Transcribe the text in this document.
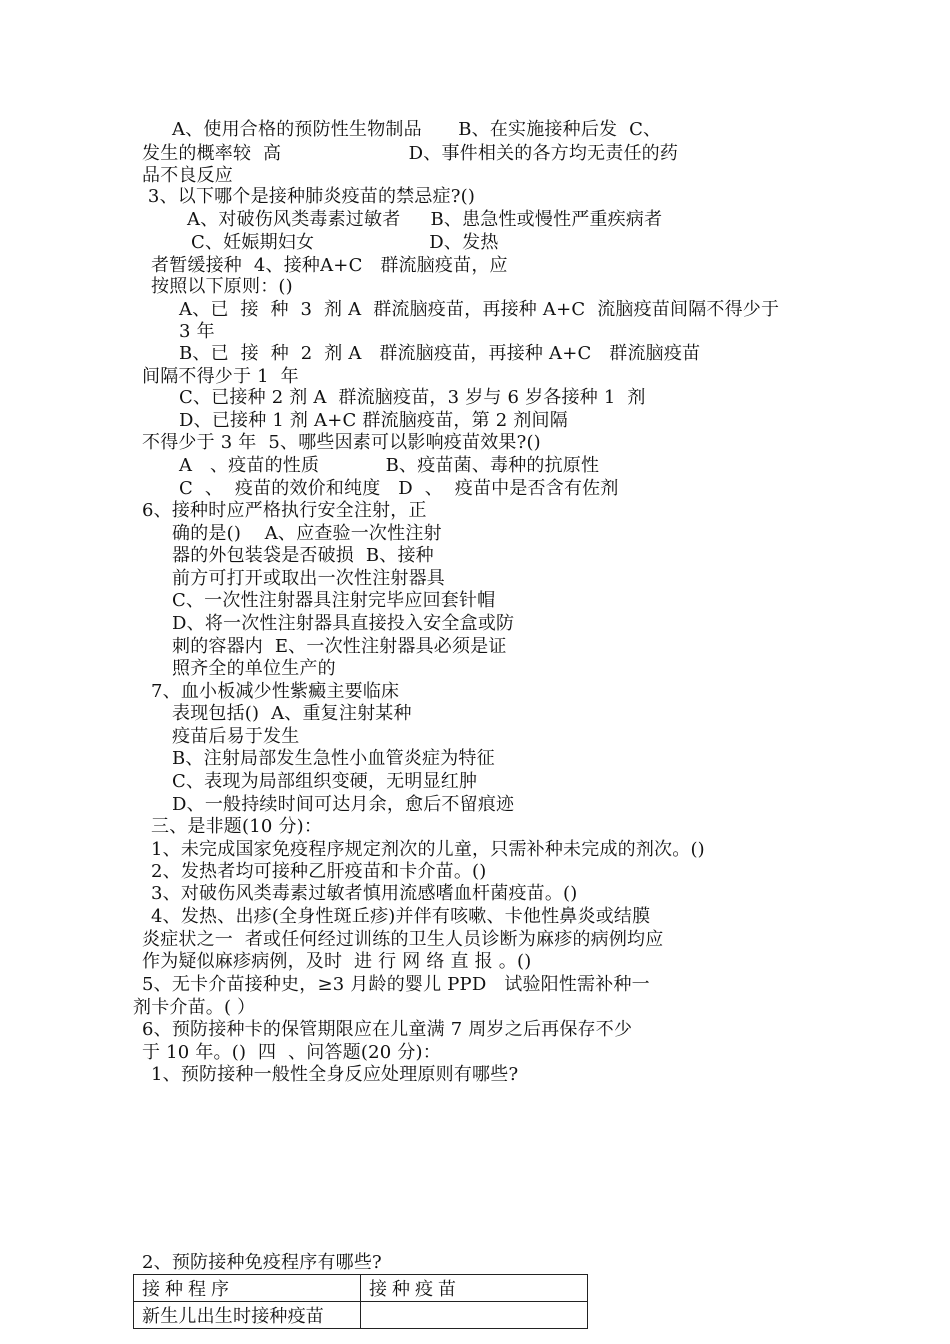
A、使用合格的预防性生物制品　　B、在实施接种后发  C、
发生的概率较  高　　　　　　　D、事件相关的各方均无责任的药
品不良反应
3、以下哪个是接种肺炎疫苗的禁忌症?()
A、对破伤风类毒素过敏者　  B、患急性或慢性严重疾病者
C、妊娠期妇女　　　　　　 D、发热
者暂缓接种  4、接种A+C   群流脑疫苗，应
按照以下原则：()
A、已  接  种  3  剂 A  群流脑疫苗，再接种 A+C  流脑疫苗间隔不得少于
3 年
B、已  接  种  2  剂 A   群流脑疫苗，再接种 A+C   群流脑疫苗
间隔不得少于 1  年
C、已接种 2 剂 A  群流脑疫苗，3 岁与 6 岁各接种 1  剂
D、已接种 1 剂 A+C 群流脑疫苗，第 2 剂间隔
不得少于 3 年  5、哪些因素可以影响疫苗效果?()
A   、疫苗的性质　　　  B、疫苗菌、毒种的抗原性
C  、  疫苗的效价和纯度   D  、  疫苗中是否含有佐剂
6、接种时应严格执行安全注射，正
确的是()    A、应查验一次性注射
器的外包装袋是否破损  B、接种
前方可打开或取出一次性注射器具
C、一次性注射器具注射完毕应回套针帽
D、将一次性注射器具直接投入安全盒或防
刺的容器内  E、一次性注射器具必须是证
照齐全的单位生产的
7、血小板减少性紫癜主要临床
表现包括()  A、重复注射某种
疫苗后易于发生
B、注射局部发生急性小血管炎症为特征
C、表现为局部组织变硬，无明显红肿
D、一般持续时间可达月余，愈后不留痕迹
三、是非题(10 分)：
1、未完成国家免疫程序规定剂次的儿童，只需补种未完成的剂次。()
2、发热者均可接种乙肝疫苗和卡介苗。()
3、对破伤风类毒素过敏者慎用流感嗜血杆菌疫苗。()
4、发热、出疹(全身性斑丘疹)并伴有咳嗽、卡他性鼻炎或结膜
炎症状之一  者或任何经过训练的卫生人员诊断为麻疹的病例均应
作为疑似麻疹病例，及时  进 行 网 络 直 报 。()
5、无卡介苗接种史，≥3 月龄的婴儿 PPD   试验阳性需补种一
剂卡介苗。( ）
6、预防接种卡的保管期限应在儿童满 7 周岁之后再保存不少
于 10 年。()  四  、问答题(20 分)：
1、预防接种一般性全身反应处理原则有哪些?
2、预防接种免疫程序有哪些?
接种程序	接种疫苗
新生儿出生时接种疫苗	
